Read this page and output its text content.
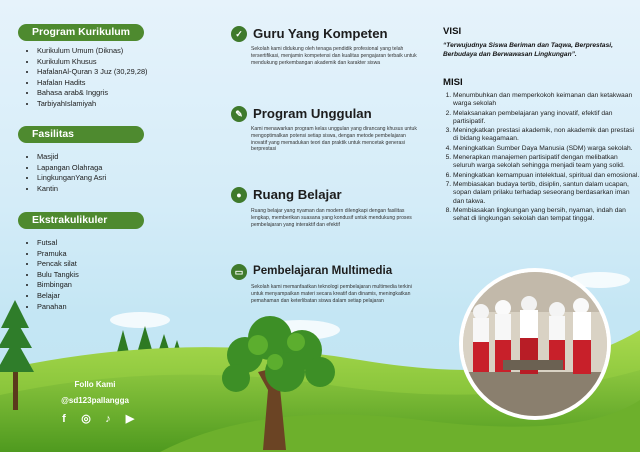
Program Kurikulum
• Kurikulum Umum (Diknas)
• Kurikulum Khusus
• HafalanAl-Quran 3 Juz (30,29,28)
• Hafalan Hadits
• Bahasa arab& Inggris
• TarbiyahIslamiyah
Fasilitas
• Masjid
• Lapangan Olahraga
• LingkunganYang Asri
• Kantin
Ekstrakulikuler
• Futsal
• Pramuka
• Pencak silat
• Bulu Tangkis
• Bimbingan
• Belajar
• Panahan
Follo Kami
@sd123pallangga
f	◎	♪	▶
✓ Guru Yang Kompeten
Sekolah kami didukung oleh tenaga pendidik profesional yang telah tersertifikasi, menjamin kompetensi dan kualitas pengajaran terbaik untuk mendukung perkembangan akademik dan karakter siswa
✎ Program Unggulan
Kami menawarkan program kelas unggulan yang dirancang khusus untuk mengoptimalkan potensi setiap siswa, dengan metode pembelajaran inovatif yang memadukan teori dan praktik untuk mencetak generasi berprestasi
● Ruang Belajar
Ruang belajar yang nyaman dan modern dilengkapi dengan fasilitas lengkap, memberikan suasana yang kondusif untuk mendukung proses pembelajaran yang interaktif dan efektif
▭ Pembelajaran Multimedia
Sekolah kami memanfaatkan teknologi pembelajaran multimedia terkini untuk menyampaikan materi secara kreatif dan dinamis, meningkatkan pemahaman dan keterlibatan siswa dalam setiap pelajaran
VISI
“Terwujudnya Siswa Beriman dan Taqwa, Berprestasi, Berbudaya dan Berwawasan Lingkungan”.
MISI
1. Menumbuhkan dan memperkokoh keimanan dan ketakwaan warga sekolah
2. Melaksanakan pembelajaran yang inovatif, efektif dan partisipatif.
3. Meningkatkan prestasi akademik, non akademik dan prestasi di bidang keagamaan.
4. Meningkatkan Sumber Daya Manusia (SDM) warga sekolah.
5. Menerapkan manajemen partisipatif dengan melibatkan seluruh warga sekolah sehingga menjadi team yang solid.
6. Meningkatkan kemampuan intelektual, spiritual dan emosional.
7. Membiasakan budaya tertib, disiplin, santun dalam ucapan, sopan dalam prilaku terhadap seseorang berdasarkan iman dan takwa.
8. Membiasakan lingkungan yang bersih, nyaman, indah dan sehat di lingkungan sekolah dan tempat tinggal.
